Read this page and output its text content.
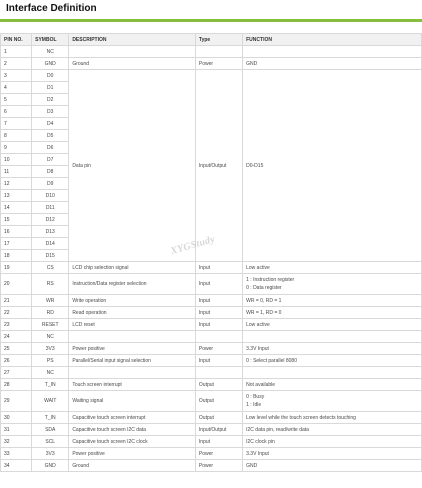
Interface Definition
PIN NO.	SYMBOL	DESCRIPTION	Type	FUNCTION
1	NC			
2	GND	Ground	Power	GND
3	D0	Data pin	Input/Output	D0-D15
4	D1			
5	D2			
6	D3			
7	D4			
8	D5			
9	D6			
10	D7			
11	D8			
12	D9			
13	D10			
14	D11			
15	D12			
16	D13			
17	D14			
18	D15			
19	CS	LCD chip selection signal	Input	Low active
20	RS	Instruction/Data register selection	Input	1 : Instruction register
0 : Data register

21	WR	Write operation	Input	WR = 0, RD = 1
22	RD	Read operation	Input	WR = 1, RD = 0
23	RESET	LCD reset	Input	Low active
24	NC			
25	3V3	Power positive	Power	3.3V Input
26	PS	Parallel/Serial input signal selection	Input	0 : Select parallel 8080
27	NC			
28	T_IN	Touch screen interrupt	Output	Not available
29	WAIT	Waiting signal	Output	0 : Busy
1 : Idle

30	T_IN	Capacitive touch screen interrupt	Output	Low level while the touch screen detects touching
31	SDA	Capacitive touch screen I2C data	Input/Output	I2C data pin, read/write data
32	SCL	Capacitive touch screen I2C clock	Input	I2C clock pin
33	3V3	Power positive	Power	3.3V Input
34	GND	Ground	Power	GND
XYGStudy
